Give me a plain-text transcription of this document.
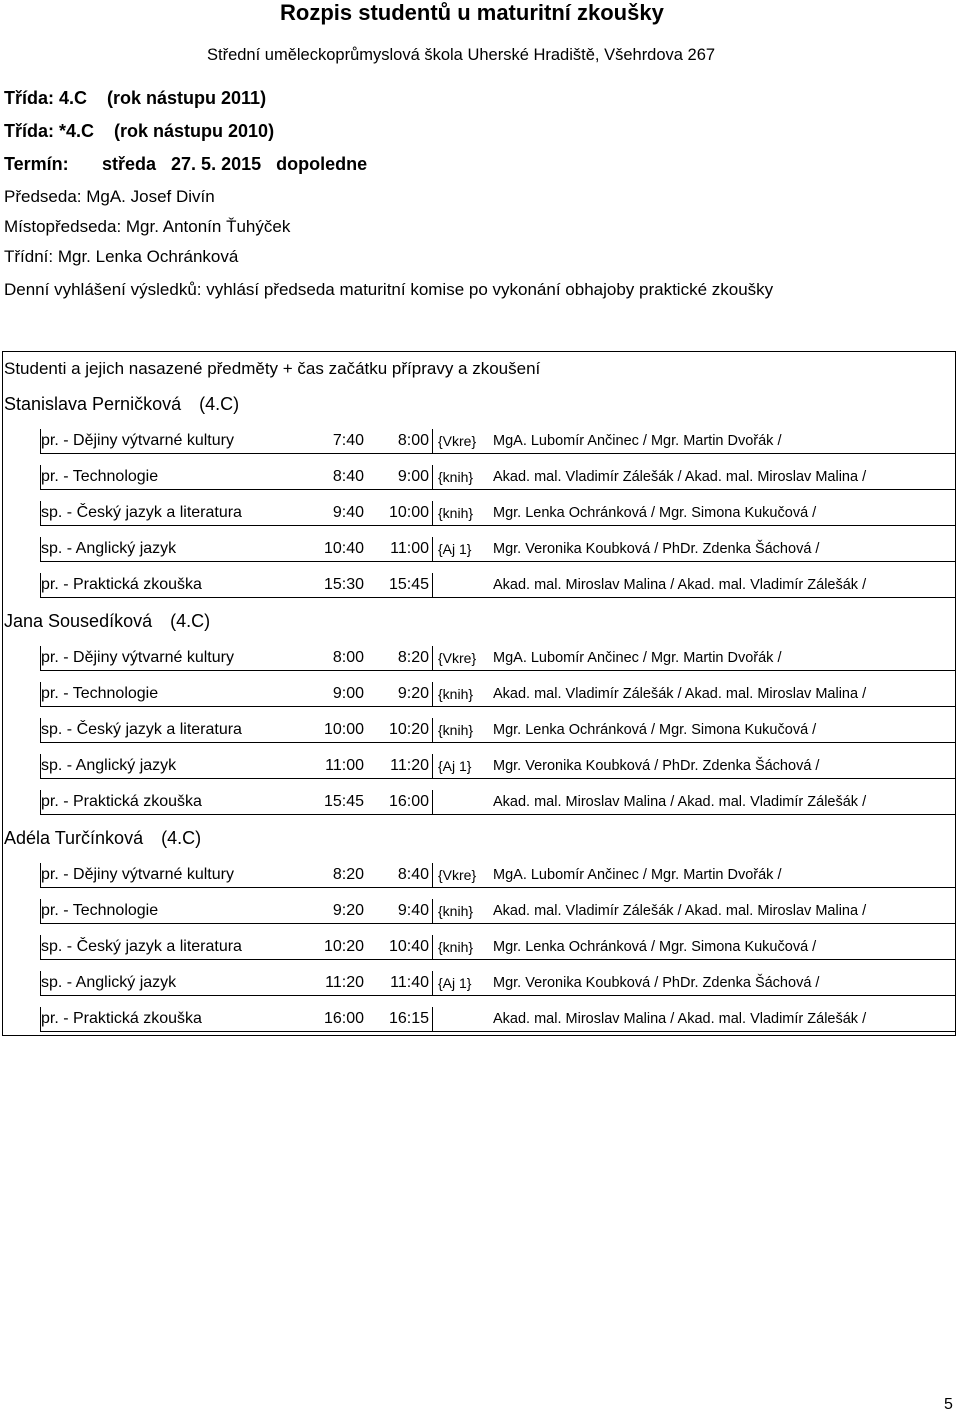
Rozpis studentů u maturitní zkoušky
Střední uměleckoprůmyslová škola Uherské Hradiště, Všehrdova 267
Třída: 4.C    (rok nástupu 2011)
Třída: *4.C    (rok nástupu 2010)
Termín: středa   27. 5. 2015   dopoledne
Předseda: MgA. Josef Divín
Místopředseda: Mgr. Antonín Ťuhýček
Třídní: Mgr. Lenka Ochránková
Denní vyhlášení výsledků: vyhlásí předseda maturitní komise po vykonání obhajoby praktické zkoušky
Studenti a jejich nasazené předměty + čas začátku přípravy a zkoušení
Stanislava Perničková (4.C)
pr. - Dějiny výtvarné kultury	7:40	8:00 {Vkre}	MgA. Lubomír Ančinec / Mgr. Martin Dvořák /
pr. - Technologie	8:40	9:00 {knih}	Akad. mal. Vladimír Zálešák / Akad. mal. Miroslav Malina /
sp. - Český jazyk a literatura	9:40	10:00 {knih}	Mgr. Lenka Ochránková / Mgr. Simona Kukučová /
sp. - Anglický jazyk	10:40	11:00 {Aj 1}	Mgr. Veronika Koubková / PhDr. Zdenka Šáchová /
pr. - Praktická zkouška	15:30	15:45	Akad. mal. Miroslav Malina / Akad. mal. Vladimír Zálešák /
Jana Sousedíková (4.C)
pr. - Dějiny výtvarné kultury	8:00	8:20 {Vkre}	MgA. Lubomír Ančinec / Mgr. Martin Dvořák /
pr. - Technologie	9:00	9:20 {knih}	Akad. mal. Vladimír Zálešák / Akad. mal. Miroslav Malina /
sp. - Český jazyk a literatura	10:00	10:20 {knih}	Mgr. Lenka Ochránková / Mgr. Simona Kukučová /
sp. - Anglický jazyk	11:00	11:20 {Aj 1}	Mgr. Veronika Koubková / PhDr. Zdenka Šáchová /
pr. - Praktická zkouška	15:45	16:00	Akad. mal. Miroslav Malina / Akad. mal. Vladimír Zálešák /
Adéla Turčínková (4.C)
pr. - Dějiny výtvarné kultury	8:20	8:40 {Vkre}	MgA. Lubomír Ančinec / Mgr. Martin Dvořák /
pr. - Technologie	9:20	9:40 {knih}	Akad. mal. Vladimír Zálešák / Akad. mal. Miroslav Malina /
sp. - Český jazyk a literatura	10:20	10:40 {knih}	Mgr. Lenka Ochránková / Mgr. Simona Kukučová /
sp. - Anglický jazyk	11:20	11:40 {Aj 1}	Mgr. Veronika Koubková / PhDr. Zdenka Šáchová /
pr. - Praktická zkouška	16:00	16:15	Akad. mal. Miroslav Malina / Akad. mal. Vladimír Zálešák /
5
